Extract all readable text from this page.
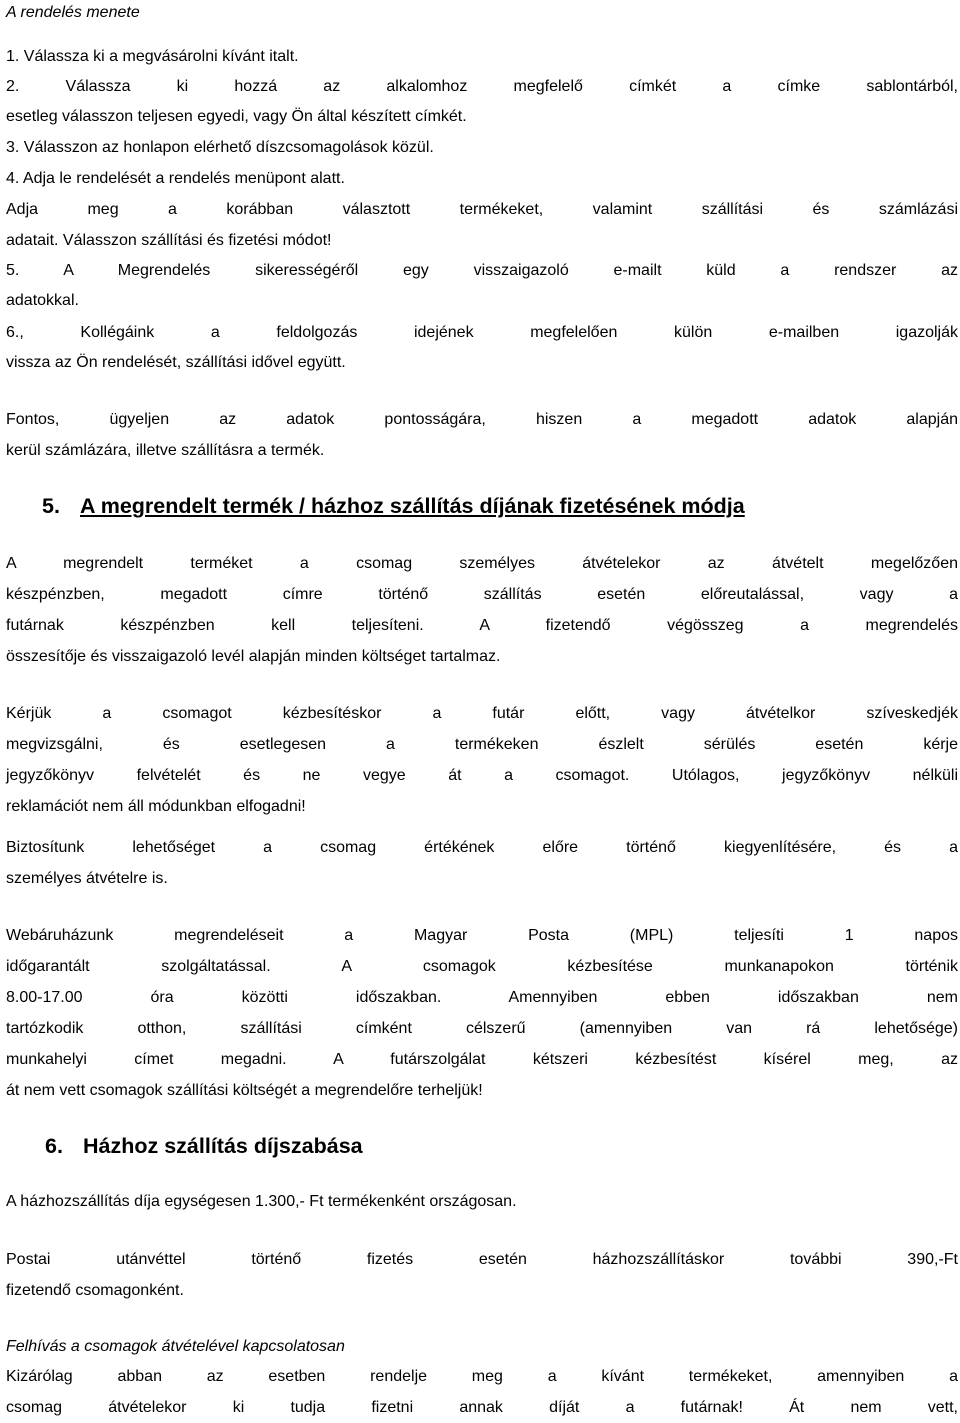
A rendelés menete
1. Válassza ki a megvásárolni kívánt italt.
2. Válassza ki hozzá az alkalomhoz megfelelő címkét a címke sablontárból,
esetleg válasszon teljesen egyedi, vagy Ön által készített címkét.
3. Válasszon az honlapon elérhető díszcsomagolások közül.
4. Adja le rendelését a rendelés menüpont alatt.
Adja meg a korábban választott termékeket, valamint szállítási és számlázási
adatait. Válasszon szállítási és fizetési módot!
5. A Megrendelés sikerességéről egy visszaigazoló e-mailt küld a rendszer az
adatokkal.
6., Kollégáink a feldolgozás idejének megfelelően külön e-mailben igazolják
vissza az Ön rendelését, szállítási idővel együtt.
Fontos, ügyeljen az adatok pontosságára, hiszen a megadott adatok alapján
kerül számlázára, illetve szállításra a termék.
5. A megrendelt termék / házhoz szállítás díjának fizetésének módja
A megrendelt terméket a csomag személyes átvételekor az átvételt megelőzően
készpénzben, megadott címre történő szállítás esetén előreutalással, vagy a
futárnak készpénzben kell teljesíteni. A fizetendő végösszeg a megrendelés
összesítője és visszaigazoló levél alapján minden költséget tartalmaz.
Kérjük a csomagot kézbesítéskor a futár előtt, vagy átvételkor szíveskedjék
megvizsgálni, és esetlegesen a termékeken észlelt sérülés esetén kérje
jegyzőkönyv felvételét és ne vegye át a csomagot. Utólagos, jegyzőkönyv nélküli
reklamációt nem áll módunkban elfogadni!
Biztosítunk lehetőséget a csomag értékének előre történő kiegyenlítésére, és a
személyes átvételre is.
Webáruházunk megrendeléseit a Magyar Posta (MPL) teljesíti 1 napos
időgarantált szolgáltatással. A csomagok kézbesítése munkanapokon történik
8.00-17.00 óra közötti időszakban. Amennyiben ebben időszakban nem
tartózkodik otthon, szállítási címként célszerű (amennyiben van rá lehetősége)
munkahelyi címet megadni. A futárszolgálat kétszeri kézbesítést kísérel meg, az
át nem vett csomagok szállítási költségét a megrendelőre terheljük!
6. Házhoz szállítás díjszabása
A házhozszállítás díja egységesen 1.300,- Ft termékenként országosan.
Postai utánvéttel történő fizetés esetén házhozszállításkor további 390,-Ft
fizetendő csomagonként.
Felhívás a csomagok átvételével kapcsolatosan
Kizárólag abban az esetben rendelje meg a kívánt termékeket, amennyiben a
csomag átvételekor ki tudja fizetni annak díját a futárnak! Át nem vett,
